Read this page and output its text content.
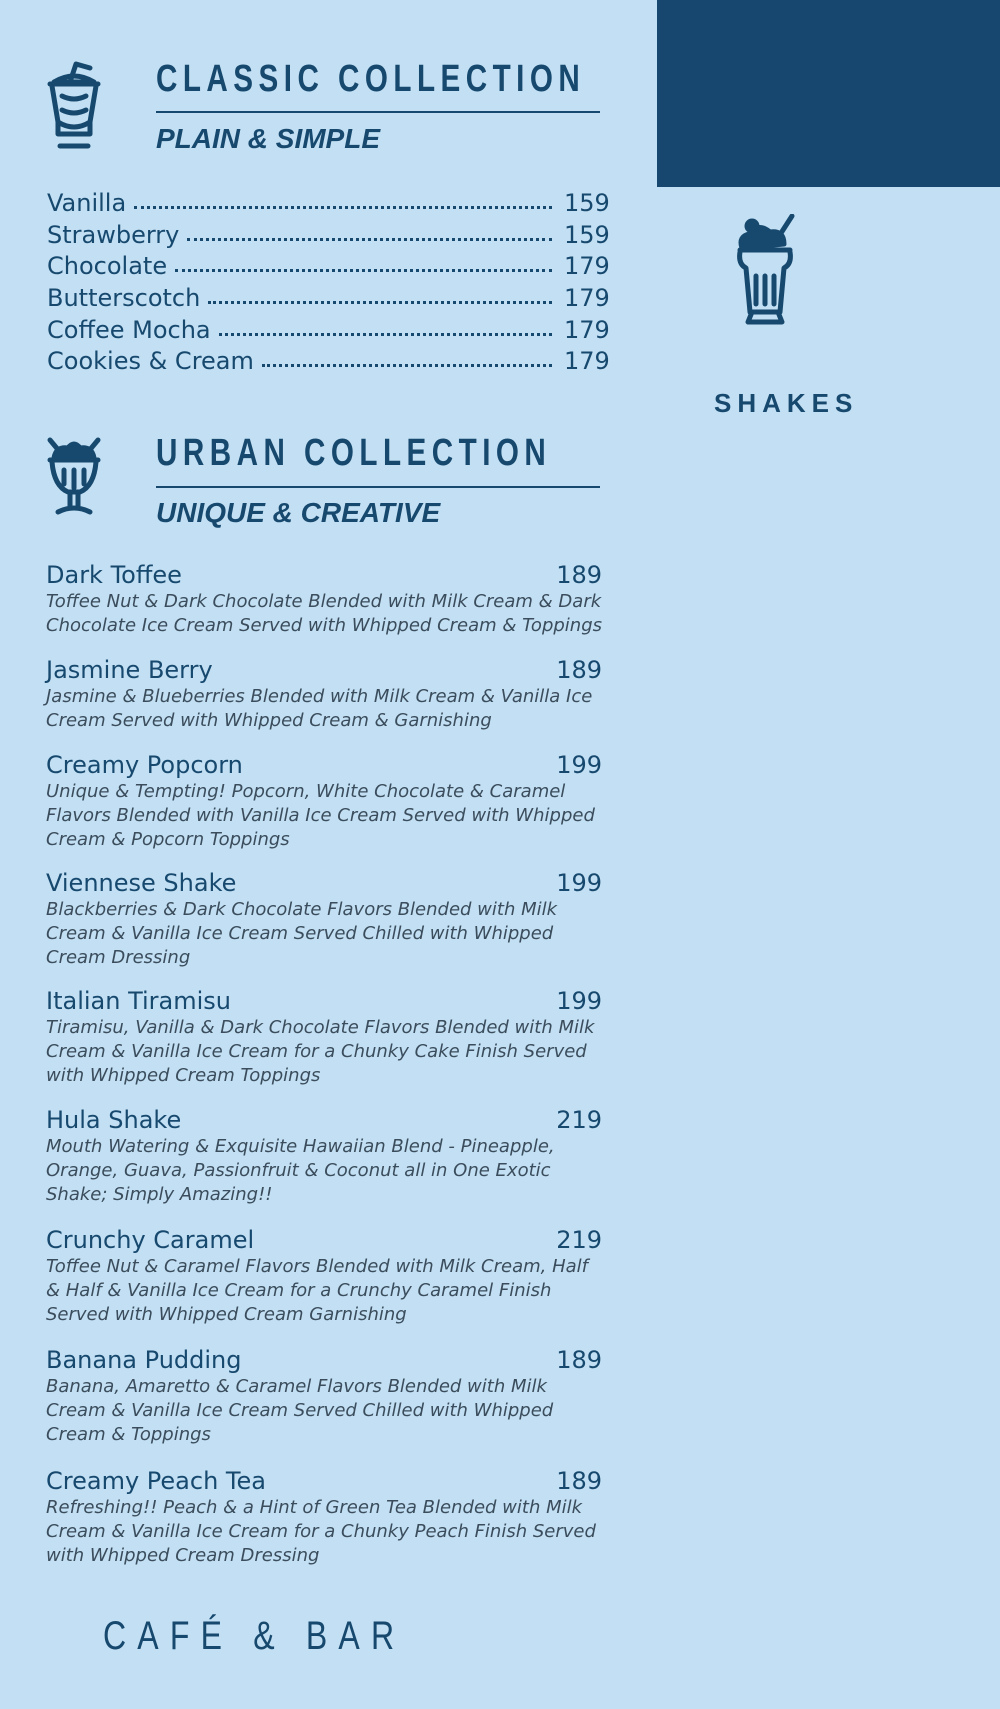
CLASSIC COLLECTION
PLAIN & SIMPLE
Vanilla	159
Strawberry	159
Chocolate	179
Butterscotch	179
Coffee Mocha	179
Cookies & Cream	179
URBAN COLLECTION
UNIQUE & CREATIVE
Dark Toffee	189
Toffee Nut & Dark Chocolate Blended with Milk Cream & Dark Chocolate Ice Cream Served with Whipped Cream & Toppings
Jasmine Berry	189
Jasmine & Blueberries Blended with Milk Cream & Vanilla Ice Cream Served with Whipped Cream & Garnishing
Creamy Popcorn	199
Unique & Tempting! Popcorn, White Chocolate & Caramel Flavors Blended with Vanilla Ice Cream Served with Whipped Cream & Popcorn Toppings
Viennese Shake	199
Blackberries & Dark Chocolate Flavors Blended with Milk Cream & Vanilla Ice Cream Served Chilled with Whipped Cream Dressing
Italian Tiramisu	199
Tiramisu, Vanilla & Dark Chocolate Flavors Blended with Milk Cream & Vanilla Ice Cream for a Chunky Cake Finish Served with Whipped Cream Toppings
Hula Shake	219
Mouth Watering & Exquisite Hawaiian Blend - Pineapple, Orange, Guava, Passionfruit & Coconut all in One Exotic Shake; Simply Amazing!!
Crunchy Caramel	219
Toffee Nut & Caramel Flavors Blended with Milk Cream, Half & Half & Vanilla Ice Cream for a Crunchy Caramel Finish Served with Whipped Cream Garnishing
Banana Pudding	189
Banana, Amaretto & Caramel Flavors Blended with Milk Cream & Vanilla Ice Cream Served Chilled with Whipped Cream & Toppings
Creamy Peach Tea	189
Refreshing!! Peach & a Hint of Green Tea Blended with Milk Cream & Vanilla Ice Cream for a Chunky Peach Finish Served with Whipped Cream Dressing
SHAKES
CAFÉ & BAR
